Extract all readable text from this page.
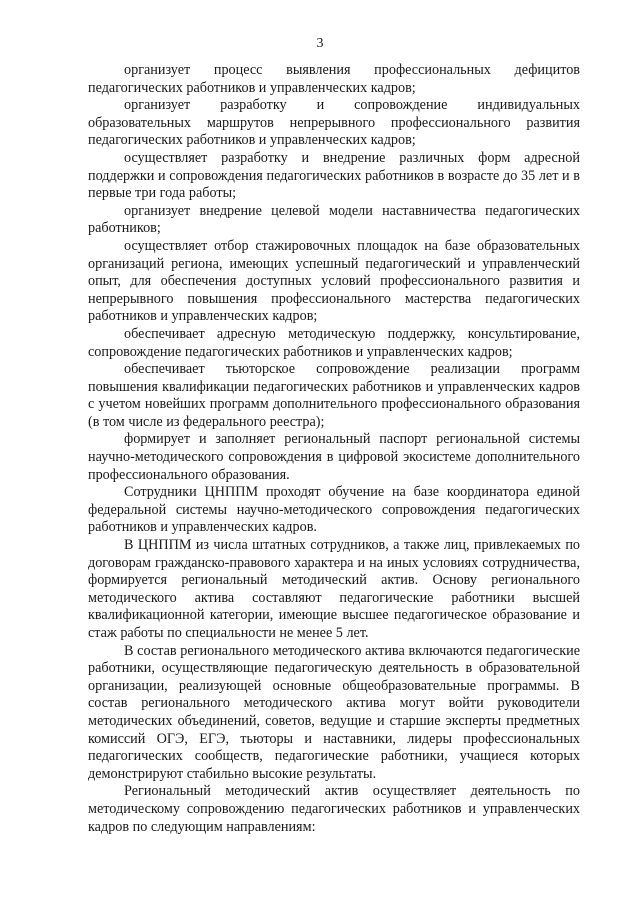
3

организует процесс выявления профессиональных дефицитов педагогических работников и управленческих кадров;

организует разработку и сопровождение индивидуальных образовательных маршрутов непрерывного профессионального развития педагогических работников и управленческих кадров;

осуществляет разработку и внедрение различных форм адресной поддержки и сопровождения педагогических работников в возрасте до 35 лет и в первые три года работы;

организует внедрение целевой модели наставничества педагогических работников;

осуществляет отбор стажировочных площадок на базе образовательных организаций региона, имеющих успешный педагогический и управленческий опыт, для обеспечения доступных условий профессионального развития и непрерывного повышения профессионального мастерства педагогических работников и управленческих кадров;

обеспечивает адресную методическую поддержку, консультирование, сопровождение педагогических работников и управленческих кадров;

обеспечивает тьюторское сопровождение реализации программ повышения квалификации педагогических работников и управленческих кадров с учетом новейших программ дополнительного профессионального образования (в том числе из федерального реестра);

формирует и заполняет региональный паспорт региональной системы научно-методического сопровождения в цифровой экосистеме дополнительного профессионального образования.

Сотрудники ЦНППМ проходят обучение на базе координатора единой федеральной системы научно-методического сопровождения педагогических работников и управленческих кадров.

В ЦНППМ из числа штатных сотрудников, а также лиц, привлекаемых по договорам гражданско-правового характера и на иных условиях сотрудничества, формируется региональный методический актив. Основу регионального методического актива составляют педагогические работники высшей квалификационной категории, имеющие высшее педагогическое образование и стаж работы по специальности не менее 5 лет.

В состав регионального методического актива включаются педагогические работники, осуществляющие педагогическую деятельность в образовательной организации, реализующей основные общеобразовательные программы. В состав регионального методического актива могут войти руководители методических объединений, советов, ведущие и старшие эксперты предметных комиссий ОГЭ, ЕГЭ, тьюторы и наставники, лидеры профессиональных педагогических сообществ, педагогические работники, учащиеся которых демонстрируют стабильно высокие результаты.

Региональный методический актив осуществляет деятельность по методическому сопровождению педагогических работников и управленческих кадров по следующим направлениям:
